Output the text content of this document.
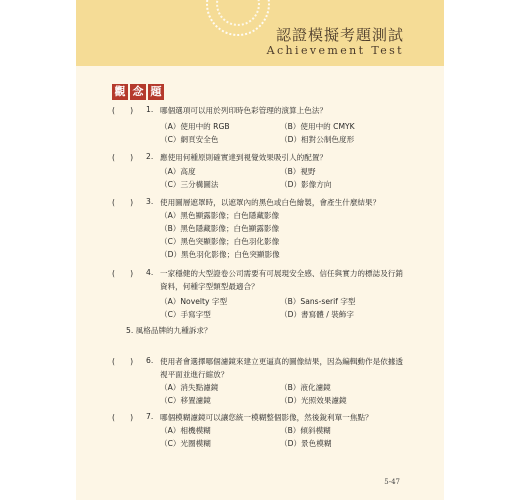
認證模擬考題測試
Achievement Test
觀 念 題
(　　) 1. 哪個選項可以用於列印時色彩管理的演算上色法？
（A）使用中的 RGB	（B）使用中的 CMYK
（C）網頁安全色	（D）相對公制色度形
(　　) 2. 應使用何種原則確實達到視覺效果吸引人的配置？
（A）高度	（B）視野
（C）三分構圖法	（D）影像方向
(　　) 3. 使用圖層遮罩時，以遮罩內的黑色或白色繪製，會產生什麼結果？
（A）黑色顯露影像；白色隱藏影像
（B）黑色隱藏影像；白色顯露影像
（C）黑色突顯影像；白色羽化影像
（D）黑色羽化影像；白色突顯影像
(　　) 4. 一家穩健的大型證卷公司需要有可展現安全感、信任與實力的標誌及行銷
資料，何種字型類型最適合？
（A）Novelty 字型	（B）Sans-serif 字型
（C）手寫字型	（D）書寫體 / 裝飾字
5. 風格品牌的九種訴求？
(　　) 6. 使用者會選擇哪個濾鏡來建立更逼真的圖像結果，因為編輯動作是依據透
視平面並進行縮放？
（A）消失點濾鏡	（B）液化濾鏡
（C）移置濾鏡	（D）光照效果濾鏡
(　　) 7. 哪個模糊濾鏡可以讓您統一模糊整個影像，然後銳利單一焦點？
（A）相機模糊	（B）傾斜模糊
（C）光圈模糊	（D）景色模糊
5-47
